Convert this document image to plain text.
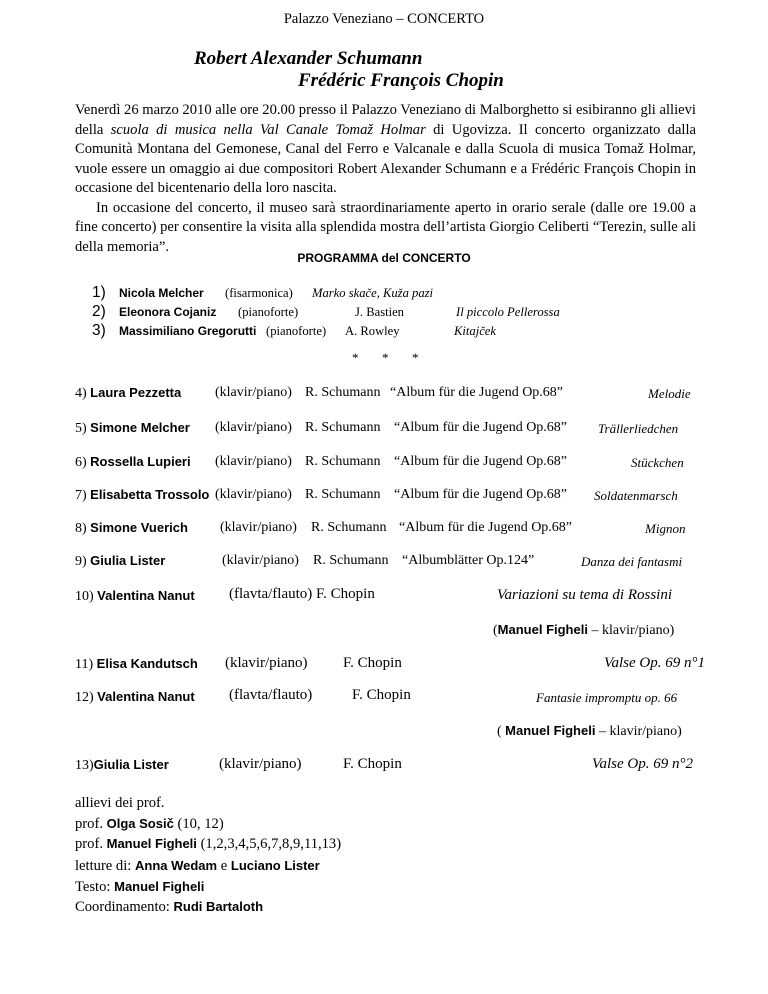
Palazzo Veneziano – CONCERTO
Robert Alexander Schumann
Frédéric François Chopin

Venerdì 26 marzo 2010 alle ore 20.00 presso il Palazzo Veneziano di Malborghetto si esibiranno gli allievi della scuola di musica nella Val Canale Tomaž Holmar di Ugovizza. Il concerto organizzato dalla Comunità Montana del Gemonese, Canal del Ferro e Valcanale e dalla Scuola di musica Tomaž Holmar, vuole essere un omaggio ai due compositori Robert Alexander Schumann e a Frédéric François Chopin in occasione del bicentenario della loro nascita.

In occasione del concerto, il museo sarà straordinariamente aperto in orario serale (dalle ore 19.00 a fine concerto) per consentire la visita alla splendida mostra dell’artista Giorgio Celiberti “Terezin, sulle ali della memoria”.

PROGRAMMA del CONCERTO
1) Nicola Melcher (fisarmonica) Marko skače, Kuža pazi
2) Eleonora Cojaniz (pianoforte)	J. Bastien	Il piccolo Pellerossa
3) Massimiliano Gregorutti (pianoforte) A. Rowley	Kitajček
* * *
4) Laura Pezzetta (klavir/piano) R. Schumann “Album für die Jugend Op.68”	Melodie
5) Simone Melcher (klavir/piano) R. Schumann “Album für die Jugend Op.68” Trällerliedchen
6) Rossella Lupieri (klavir/piano) R. Schumann “Album für die Jugend Op.68”	Stückchen
7) Elisabetta Trossolo (klavir/piano) R. Schumann “Album für die Jugend Op.68” Soldatenmarsch
8) Simone Vuerich (klavir/piano) R. Schumann “Album für die Jugend Op.68”	Mignon
9) Giulia Lister	(klavir/piano) R. Schumann “Albumblätter Op.124”	Danza dei fantasmi
10) Valentina Nanut (flavta/flauto) F. Chopin	Variazioni su tema di Rossini
(Manuel Figheli – klavir/piano)
11) Elisa Kandutsch (klavir/piano) F. Chopin	Valse Op. 69 n°1
12) Valentina Nanut (flavta/flauto)	F. Chopin	Fantasie impromptu op. 66
( Manuel Figheli – klavir/piano)
13)Giulia Lister	(klavir/piano)	F. Chopin	Valse Op. 69 n°2
allievi dei prof.
prof. Olga Sosič (10, 12)
prof. Manuel Figheli (1,2,3,4,5,6,7,8,9,11,13)
letture di: Anna Wedam e Luciano Lister
Testo: Manuel Figheli
Coordinamento: Rudi Bartaloth
